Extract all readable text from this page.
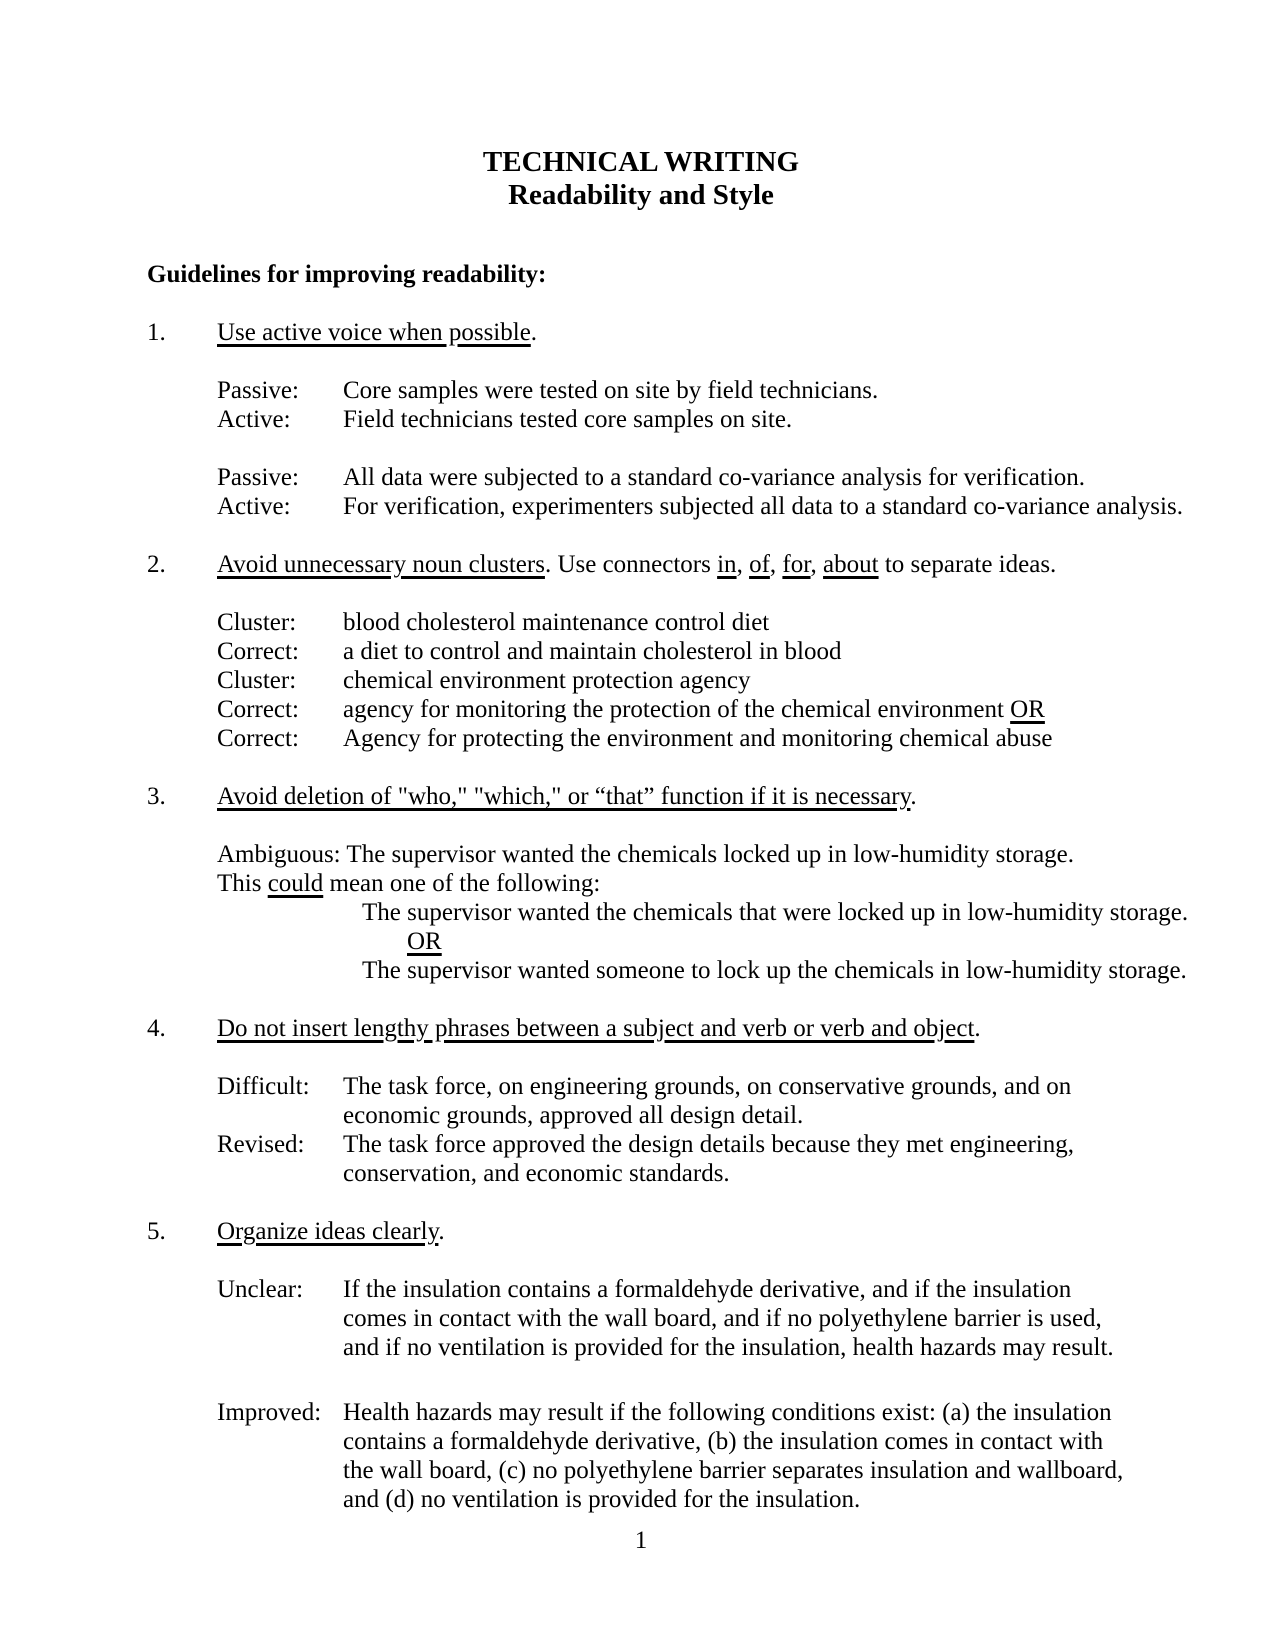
TECHNICAL WRITING
Readability and Style
Guidelines for improving readability:
1.	Use active voice when possible.
Passive:	Core samples were tested on site by field technicians.
Active:	Field technicians tested core samples on site.
Passive:	All data were subjected to a standard co-variance analysis for verification.
Active:	For verification, experimenters subjected all data to a standard co-variance analysis.
2.	Avoid unnecessary noun clusters. Use connectors in, of, for, about to separate ideas.
Cluster:	blood cholesterol maintenance control diet
Correct:	a diet to control and maintain cholesterol in blood
Cluster:	chemical environment protection agency
Correct:	agency for monitoring the protection of the chemical environment OR
Correct:	Agency for protecting the environment and monitoring chemical abuse
3.	Avoid deletion of "who," "which," or “that” function if it is necessary.
Ambiguous: The supervisor wanted the chemicals locked up in low-humidity storage.
This could mean one of the following:
The supervisor wanted the chemicals that were locked up in low-humidity storage.
OR
The supervisor wanted someone to lock up the chemicals in low-humidity storage.
4.	Do not insert lengthy phrases between a subject and verb or verb and object.
Difficult:	The task force, on engineering grounds, on conservative grounds, and on economic grounds, approved all design detail.
Revised:	The task force approved the design details because they met engineering, conservation, and economic standards.
5.	Organize ideas clearly.
Unclear:	If the insulation contains a formaldehyde derivative, and if the insulation comes in contact with the wall board, and if no polyethylene barrier is used, and if no ventilation is provided for the insulation, health hazards may result.
Improved: Health hazards may result if the following conditions exist: (a) the insulation contains a formaldehyde derivative, (b) the insulation comes in contact with the wall board, (c) no polyethylene barrier separates insulation and wallboard, and (d) no ventilation is provided for the insulation.
1
